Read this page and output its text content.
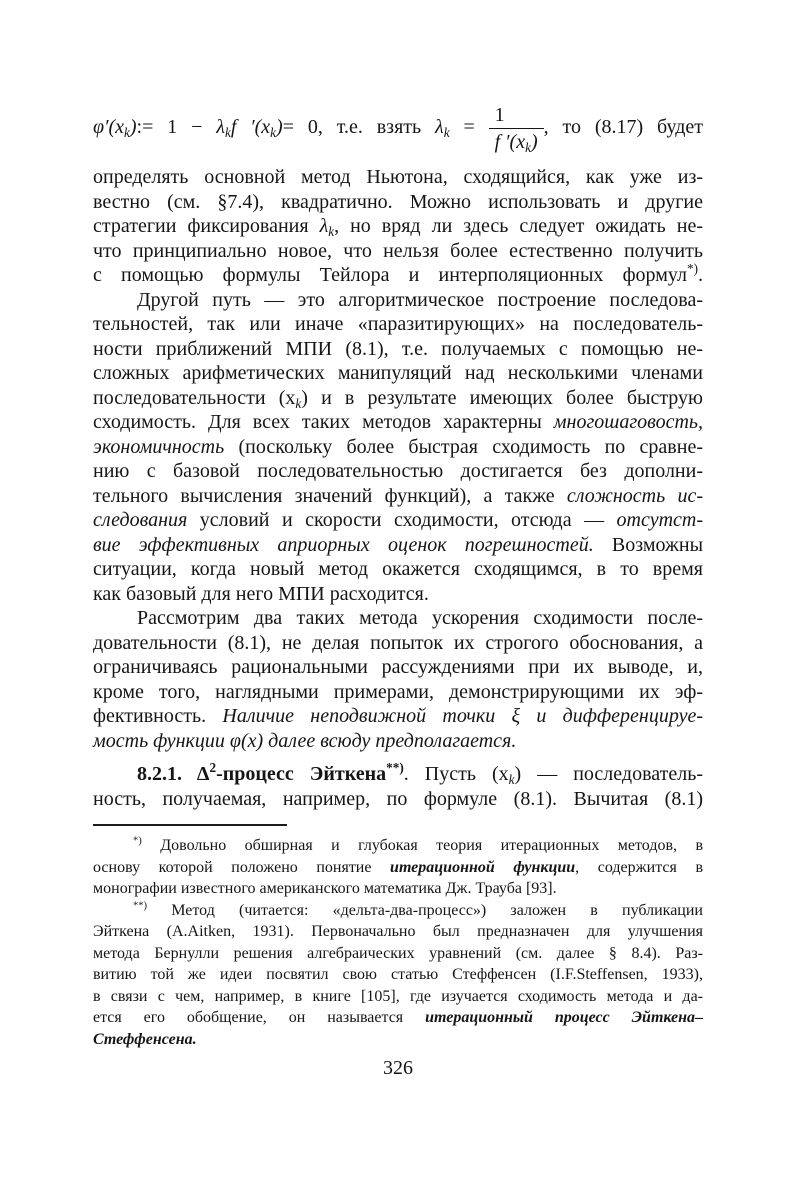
φ′(xk):= 1 − λkf ′(xk)= 0, т.е. взять $\lambda k = \frac{1}{f '(xk)}$ , то (8.17) будет
определять основной метод Ньютона, сходящийся, как уже из-
вестно (см. §7.4), квадратично. Можно использовать и другие
стратегии фиксирования λk, но вряд ли здесь следует ожидать не-
что принципиально новое, что нельзя более естественно получить
с помощью формулы Тейлора и интерполяционных формул*).
Другой путь — это алгоритмическое построение последова-
тельностей, так или иначе «паразитирующих» на последователь-
ности приближений МПИ (8.1), т.е. получаемых с помощью не-
сложных арифметических манипуляций над несколькими членами
последовательности (xk) и в результате имеющих более быструю
сходимость. Для всех таких методов характерны многошаговость,
экономичность (поскольку более быстрая сходимость по сравне-
нию с базовой последовательностью достигается без дополни-
тельного вычисления значений функций), а также сложность ис-
следования условий и скорости сходимости, отсюда — отсутст-
вие эффективных априорных оценок погрешностей. Возможны
ситуации, когда новый метод окажется сходящимся, в то время
как базовый для него МПИ расходится.
Рассмотрим два таких метода ускорения сходимости после-
довательности (8.1), не делая попыток их строгого обоснования, а
ограничиваясь рациональными рассуждениями при их выводе, и,
кроме того, наглядными примерами, демонстрирующими их эф-
фективность. Наличие неподвижной точки ξ и дифференцируе-
мость функции φ(x) далее всюду предполагается.
8.2.1. $\Delta^2$-процесс Эйткена**). Пусть (xk) — последователь-
ность, получаемая, например, по формуле (8.1). Вычитая (8.1)
*) Довольно обширная и глубокая теория итерационных методов, в
основу которой положено понятие итерационной функции, содержится в
монографии известного американского математика Дж. Трауба [93].
**) Метод (читается: «дельта-два-процесс») заложен в публикации
Эйткена (A.Aitken, 1931). Первоначально был предназначен для улучшения
метода Бернулли решения алгебраических уравнений (см. далее § 8.4). Раз-
витию той же идеи посвятил свою статью Стеффенсен (I.F.Steffensen, 1933),
в связи с чем, например, в книге [105], где изучается сходимость метода и да-
ется его обобщение, он называется итерационный процесс Эйткена–
Стеффенсена.
326
